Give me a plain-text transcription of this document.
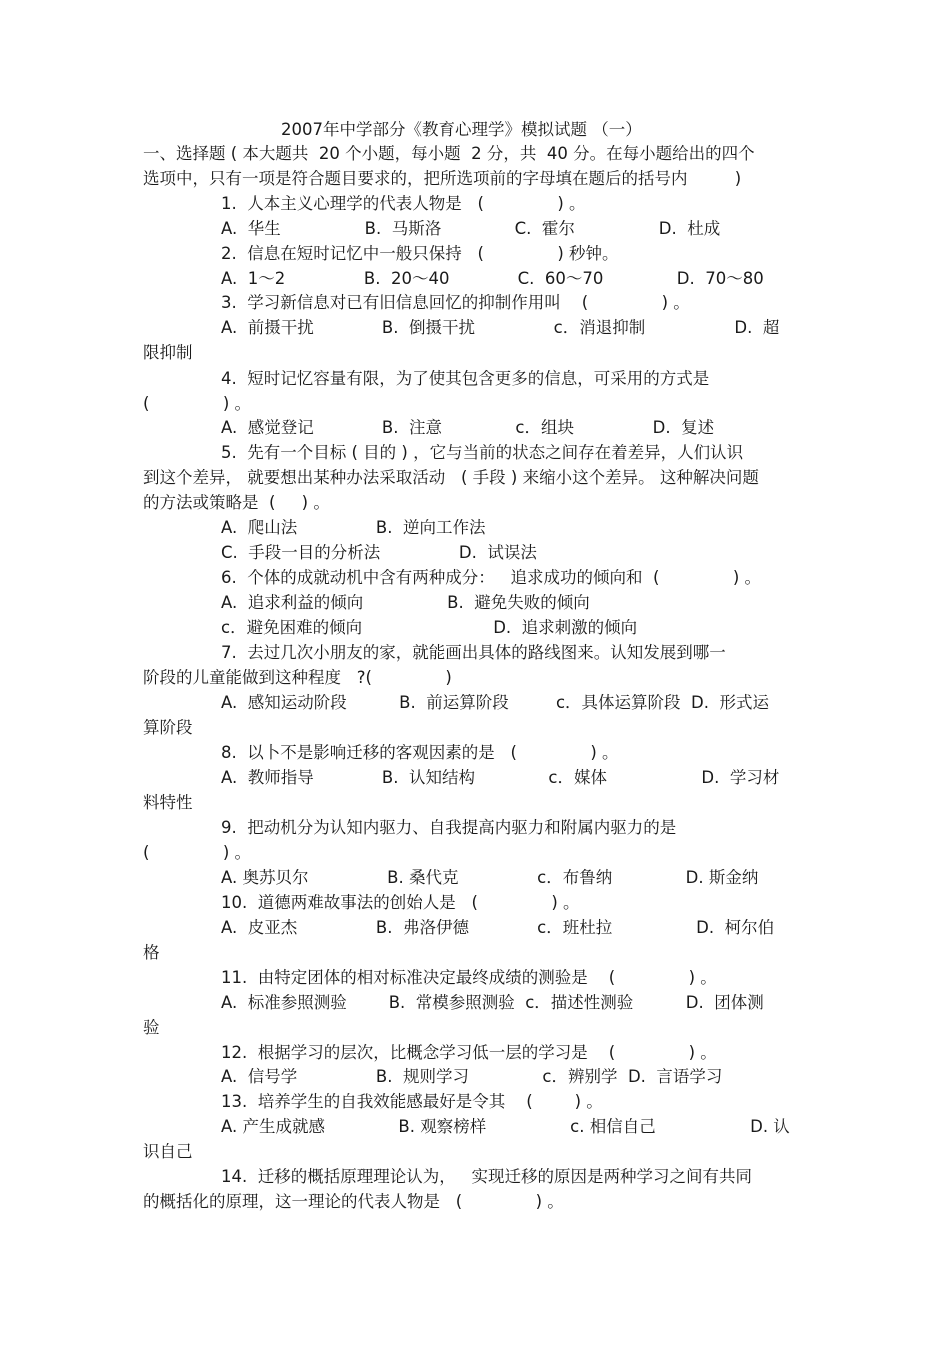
2007年中学部分《教育心理学》模拟试题 （一）
一、选择题 ( 本大题共  20 个小题，每小题  2 分，共  40 分。在每小题给出的四个
选项中，只有一项是符合题目要求的，把所选项前的字母填在题后的括号内         )
1.  人本主义心理学的代表人物是   (              ) 。
A.  华生                B.  马斯洛              C.  霍尔                D.  杜成
2.  信息在短时记忆中一般只保持   (              ) 秒钟。
A.  1～2               B.  20～40             C.  60～70              D.  70～80
3.  学习新信息对已有旧信息回忆的抑制作用叫    (              ) 。
A.  前摄干扰             B.  倒摄干扰               c．消退抑制                 D.  超
限抑制
4.  短时记忆容量有限，为了使其包含更多的信息，可采用的方式是
(              ) 。
A.  感觉登记             B.  注意              c．组块               D.  复述
5.  先有一个目标 ( 目的 ) ，它与当前的状态之间存在着差异，人们认识
到这个差异， 就要想出某种办法采取活动   ( 手段 ) 来缩小这个差异。 这种解决问题
的方法或策略是  (     ) 。
A.  爬山法               B.  逆向工作法
C.  手段一目的分析法               D.  试误法
6.  个体的成就动机中含有两种成分：   追求成功的倾向和  (              ) 。
A.  追求利益的倾向                B.  避免失败的倾向
c．避免困难的倾向                         D.  追求刺激的倾向
7.  去过几次小朋友的家，就能画出具体的路线图来。认知发展到哪一
阶段的儿童能做到这种程度   ?(              )
A.  感知运动阶段          B.  前运算阶段         c．具体运算阶段  D.  形式运
算阶段
8.  以卜不是影响迁移的客观因素的是   (              ) 。
A.  教师指导             B.  认知结构              c．媒体                  D.  学习材
料特性
9.  把动机分为认知内驱力、自我提高内驱力和附属内驱力的是
(              ) 。
A. 奥苏贝尔               B. 桑代克               c．布鲁纳              D. 斯金纳
10.  道德两难故事法的创始人是   (              ) 。
A.  皮亚杰               B.  弗洛伊德             c．班杜拉                D.  柯尔伯
格
11.  由特定团体的相对标准决定最终成绩的测验是    (              ) 。
A.  标准参照测验        B.  常模参照测验  c．描述性测验          D.  团体测
验
12.  根据学习的层次，比概念学习低一层的学习是    (              ) 。
A.  信号学               B.  规则学习              c．辨别学  D.  言语学习
13.  培养学生的自我效能感最好是令其    (        ) 。
A. 产生成就感              B. 观察榜样                c. 相信自己                  D. 认
识自己
14.  迁移的概括原理理论认为，   实现迁移的原因是两种学习之间有共同
的概括化的原理，这一理论的代表人物是   (              ) 。
